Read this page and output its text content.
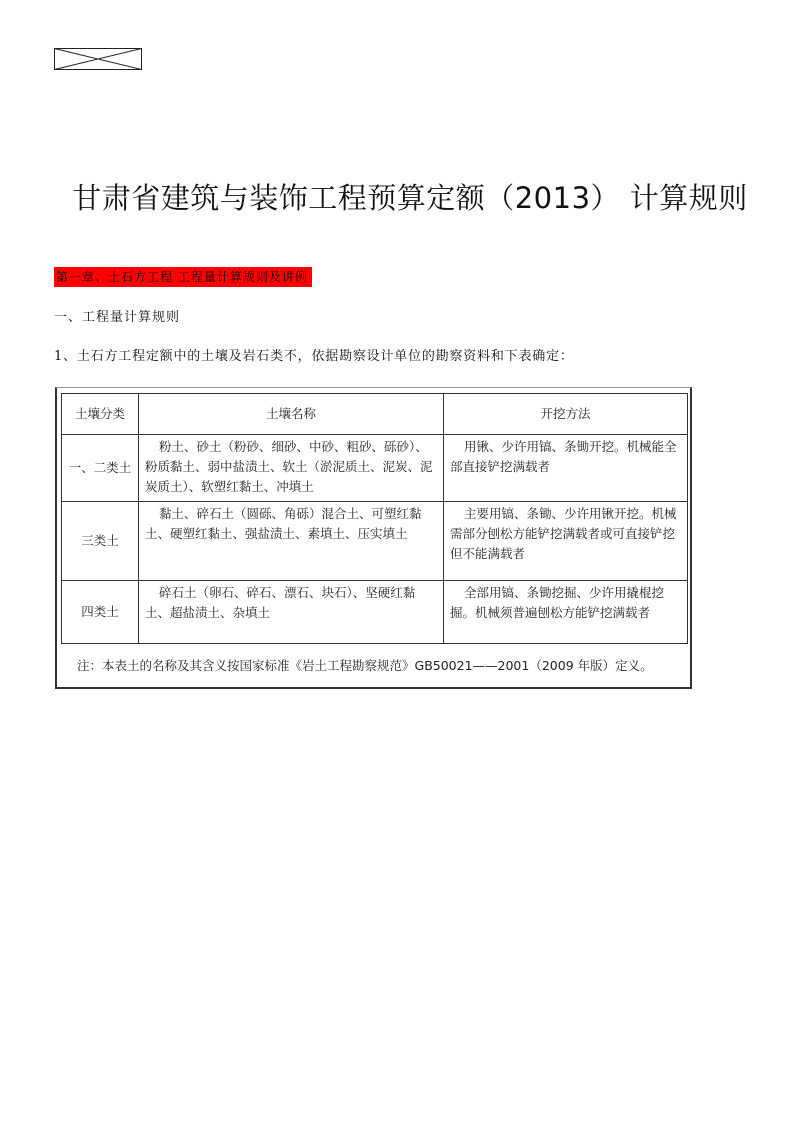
甘肃省建筑与装饰工程预算定额（2013） 计算规则
第一章、土石方工程 工程量计算规则及讲例
一、工程量计算规则
1、土石方工程定额中的土壤及岩石类不，依据勘察设计单位的勘察资料和下表确定：
土壤分类	土壤名称	开挖方法
一、二类土	粉土、砂土（粉砂、细砂、中砂、粗砂、砾砂）、粉质黏土、弱中盐渍土、软土（淤泥质土、泥炭、泥炭质土）、软塑红黏土、冲填土	用锹、少许用镐、条锄开挖。机械能全部直接铲挖满载者
三类土	黏土、碎石土（圆砾、角砾）混合土、可塑红黏土、硬塑红黏土、强盐渍土、素填土、压实填土	主要用镐、条锄、少许用锹开挖。机械需部分刨松方能铲挖满载者或可直接铲挖但不能满载者
四类土	碎石土（卵石、碎石、漂石、块石）、坚硬红黏土、超盐渍土、杂填土	全部用镐、条锄挖掘、少许用撬棍挖掘。机械须普遍刨松方能铲挖满载者
注：本表土的名称及其含义按国家标准《岩土工程勘察规范》GB50021——2001（2009 年版）定义。
